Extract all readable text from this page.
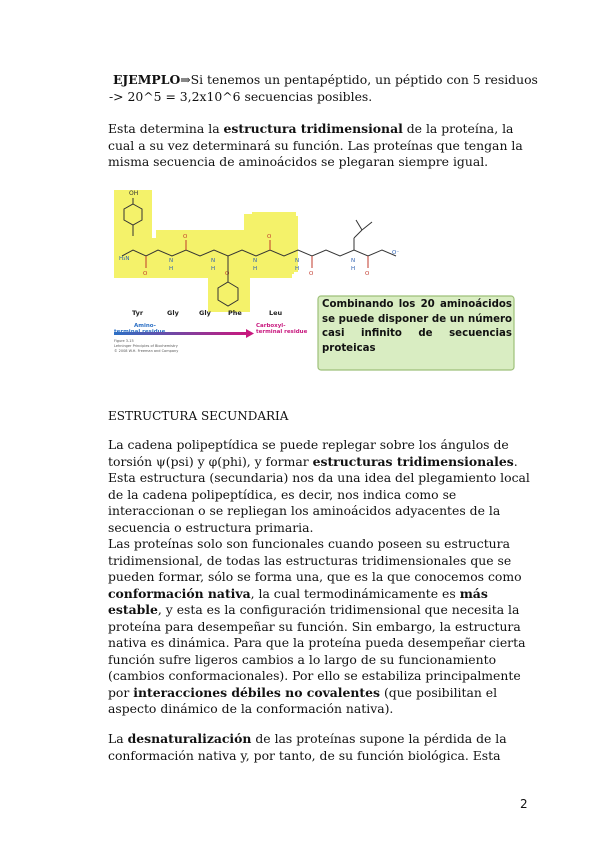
EJEMPLO⇒Si tenemos un pentapéptido, un péptido con 5 residuos -> 20^5 = 3,2x10^6 secuencias posibles.

Esta determina la estructura tridimensional de la proteína, la cual a su vez determinará su función. Las proteínas que tengan la misma secuencia de aminoácidos se plegaran siempre igual.

OH
O
O
O
O
O	O
H₃N	N
H
N
H
N
H
N
H
N
H
O⁻
Tyr	Gly	Gly	Phe	Leu
Amino-	Carboxyl-
terminal residue
Figure 3-15
Lehninger Principles of Biochemistry
© 2008 W.H. Freeman and Company
Combinando los 20 aminoácidos se puede disponer de un número casi infinito de secuencias proteicas

ESTRUCTURA SECUNDARIA

La cadena polipeptídica se puede replegar sobre los ángulos de torsión ψ(psi) y φ(phi), y formar estructuras tridimensionales. Esta estructura (secundaria) nos da una idea del plegamiento local de la cadena polipeptídica, es decir, nos indica como se interaccionan o se repliegan los aminoácidos adyacentes de la secuencia o estructura primaria.

Las proteínas solo son funcionales cuando poseen su estructura tridimensional, de todas las estructuras tridimensionales que se pueden formar, sólo se forma una, que es la que conocemos como conformación nativa, la cual termodinámicamente es más estable, y esta es la configuración tridimensional que necesita la proteína para desempeñar su función. Sin embargo, la estructura nativa es dinámica. Para que la proteína pueda desempeñar cierta función sufre ligeros cambios a lo largo de su funcionamiento (cambios conformacionales). Por ello se estabiliza principalmente por interacciones débiles no covalentes (que posibilitan el aspecto dinámico de la conformación nativa).

La desnaturalización de las proteínas supone la pérdida de la conformación nativa y, por tanto, de su función biológica. Esta

2
